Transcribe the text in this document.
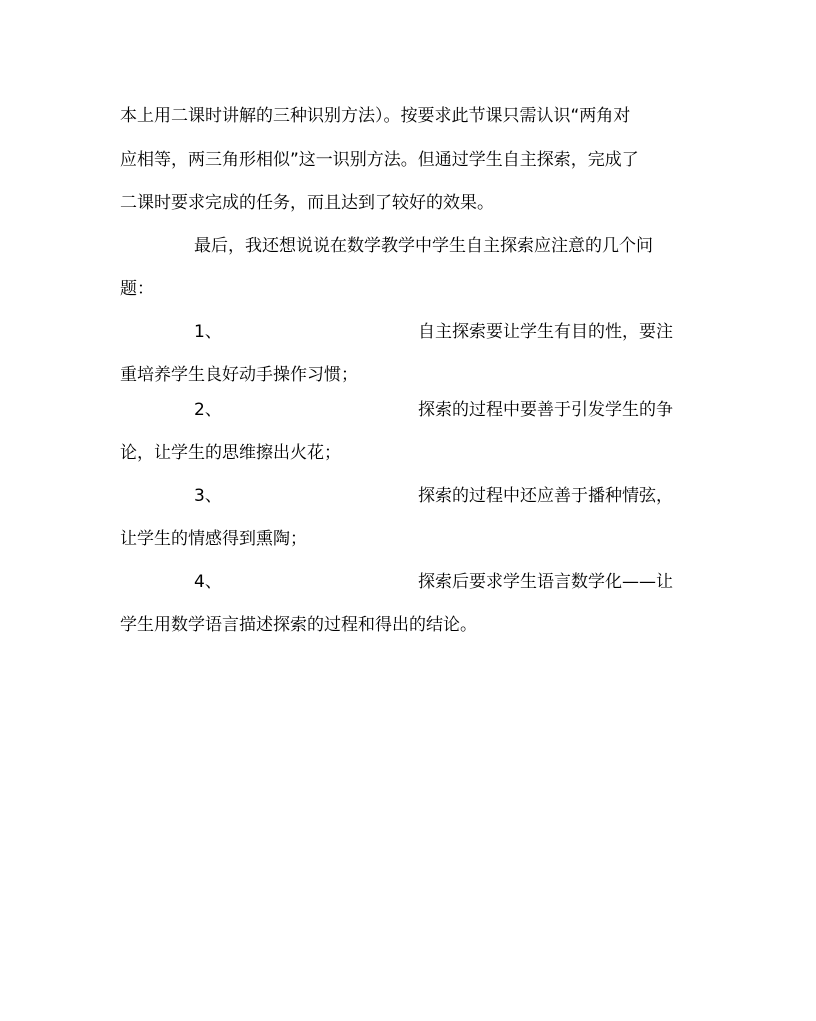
本上用二课时讲解的三种识别方法）。按要求此节课只需认识“两角对
应相等，两三角形相似”这一识别方法。但通过学生自主探索，完成了
二课时要求完成的任务，而且达到了较好的效果。
最后，我还想说说在数学教学中学生自主探索应注意的几个问
题：
1、	自主探索要让学生有目的性，要注
重培养学生良好动手操作习惯；
2、	探索的过程中要善于引发学生的争
论，让学生的思维擦出火花；
3、	探索的过程中还应善于播种情弦，
让学生的情感得到熏陶；
4、	探索后要求学生语言数学化——让
学生用数学语言描述探索的过程和得出的结论。
